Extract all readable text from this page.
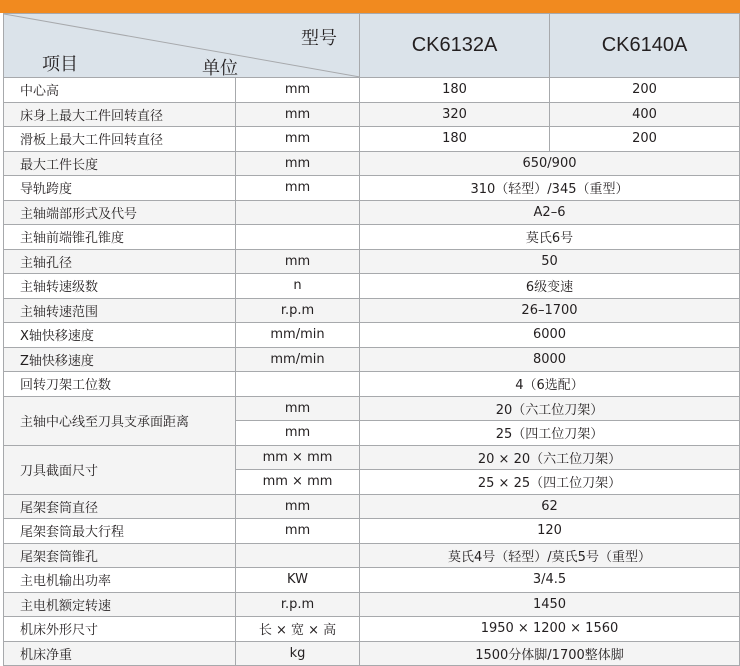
型号
项目 单位		CK6132A	CK6140A
中心高	mm	180	200
床身上最大工件回转直径	mm	320	400
滑板上最大工件回转直径	mm	180	200
最大工件长度	mm	650/900	
导轨跨度	mm	310（轻型）/345（重型）	
主轴端部形式及代号		A2–6	
主轴前端锥孔锥度		莫氏6号	
主轴孔径	mm	50	
主轴转速级数	n	6级变速	
主轴转速范围	r.p.m	26–1700	
X轴快移速度	mm/min	6000	
Z轴快移速度	mm/min	8000	
回转刀架工位数		4（6选配）	
主轴中心线至刀具支承面距离	mm	20（六工位刀架）	
	mm	25（四工位刀架）	
刀具截面尺寸	mm × mm	20 × 20（六工位刀架）	
	mm × mm	25 × 25（四工位刀架）	
尾架套筒直径	mm	62	
尾架套筒最大行程	mm	120	
尾架套筒锥孔		莫氏4号（轻型）/莫氏5号（重型）	
主电机输出功率	KW	3/4.5	
主电机额定转速	r.p.m	1450	
机床外形尺寸	长 × 宽 × 高	1950 × 1200 × 1560	
机床净重	kg	1500分体脚/1700整体脚	
